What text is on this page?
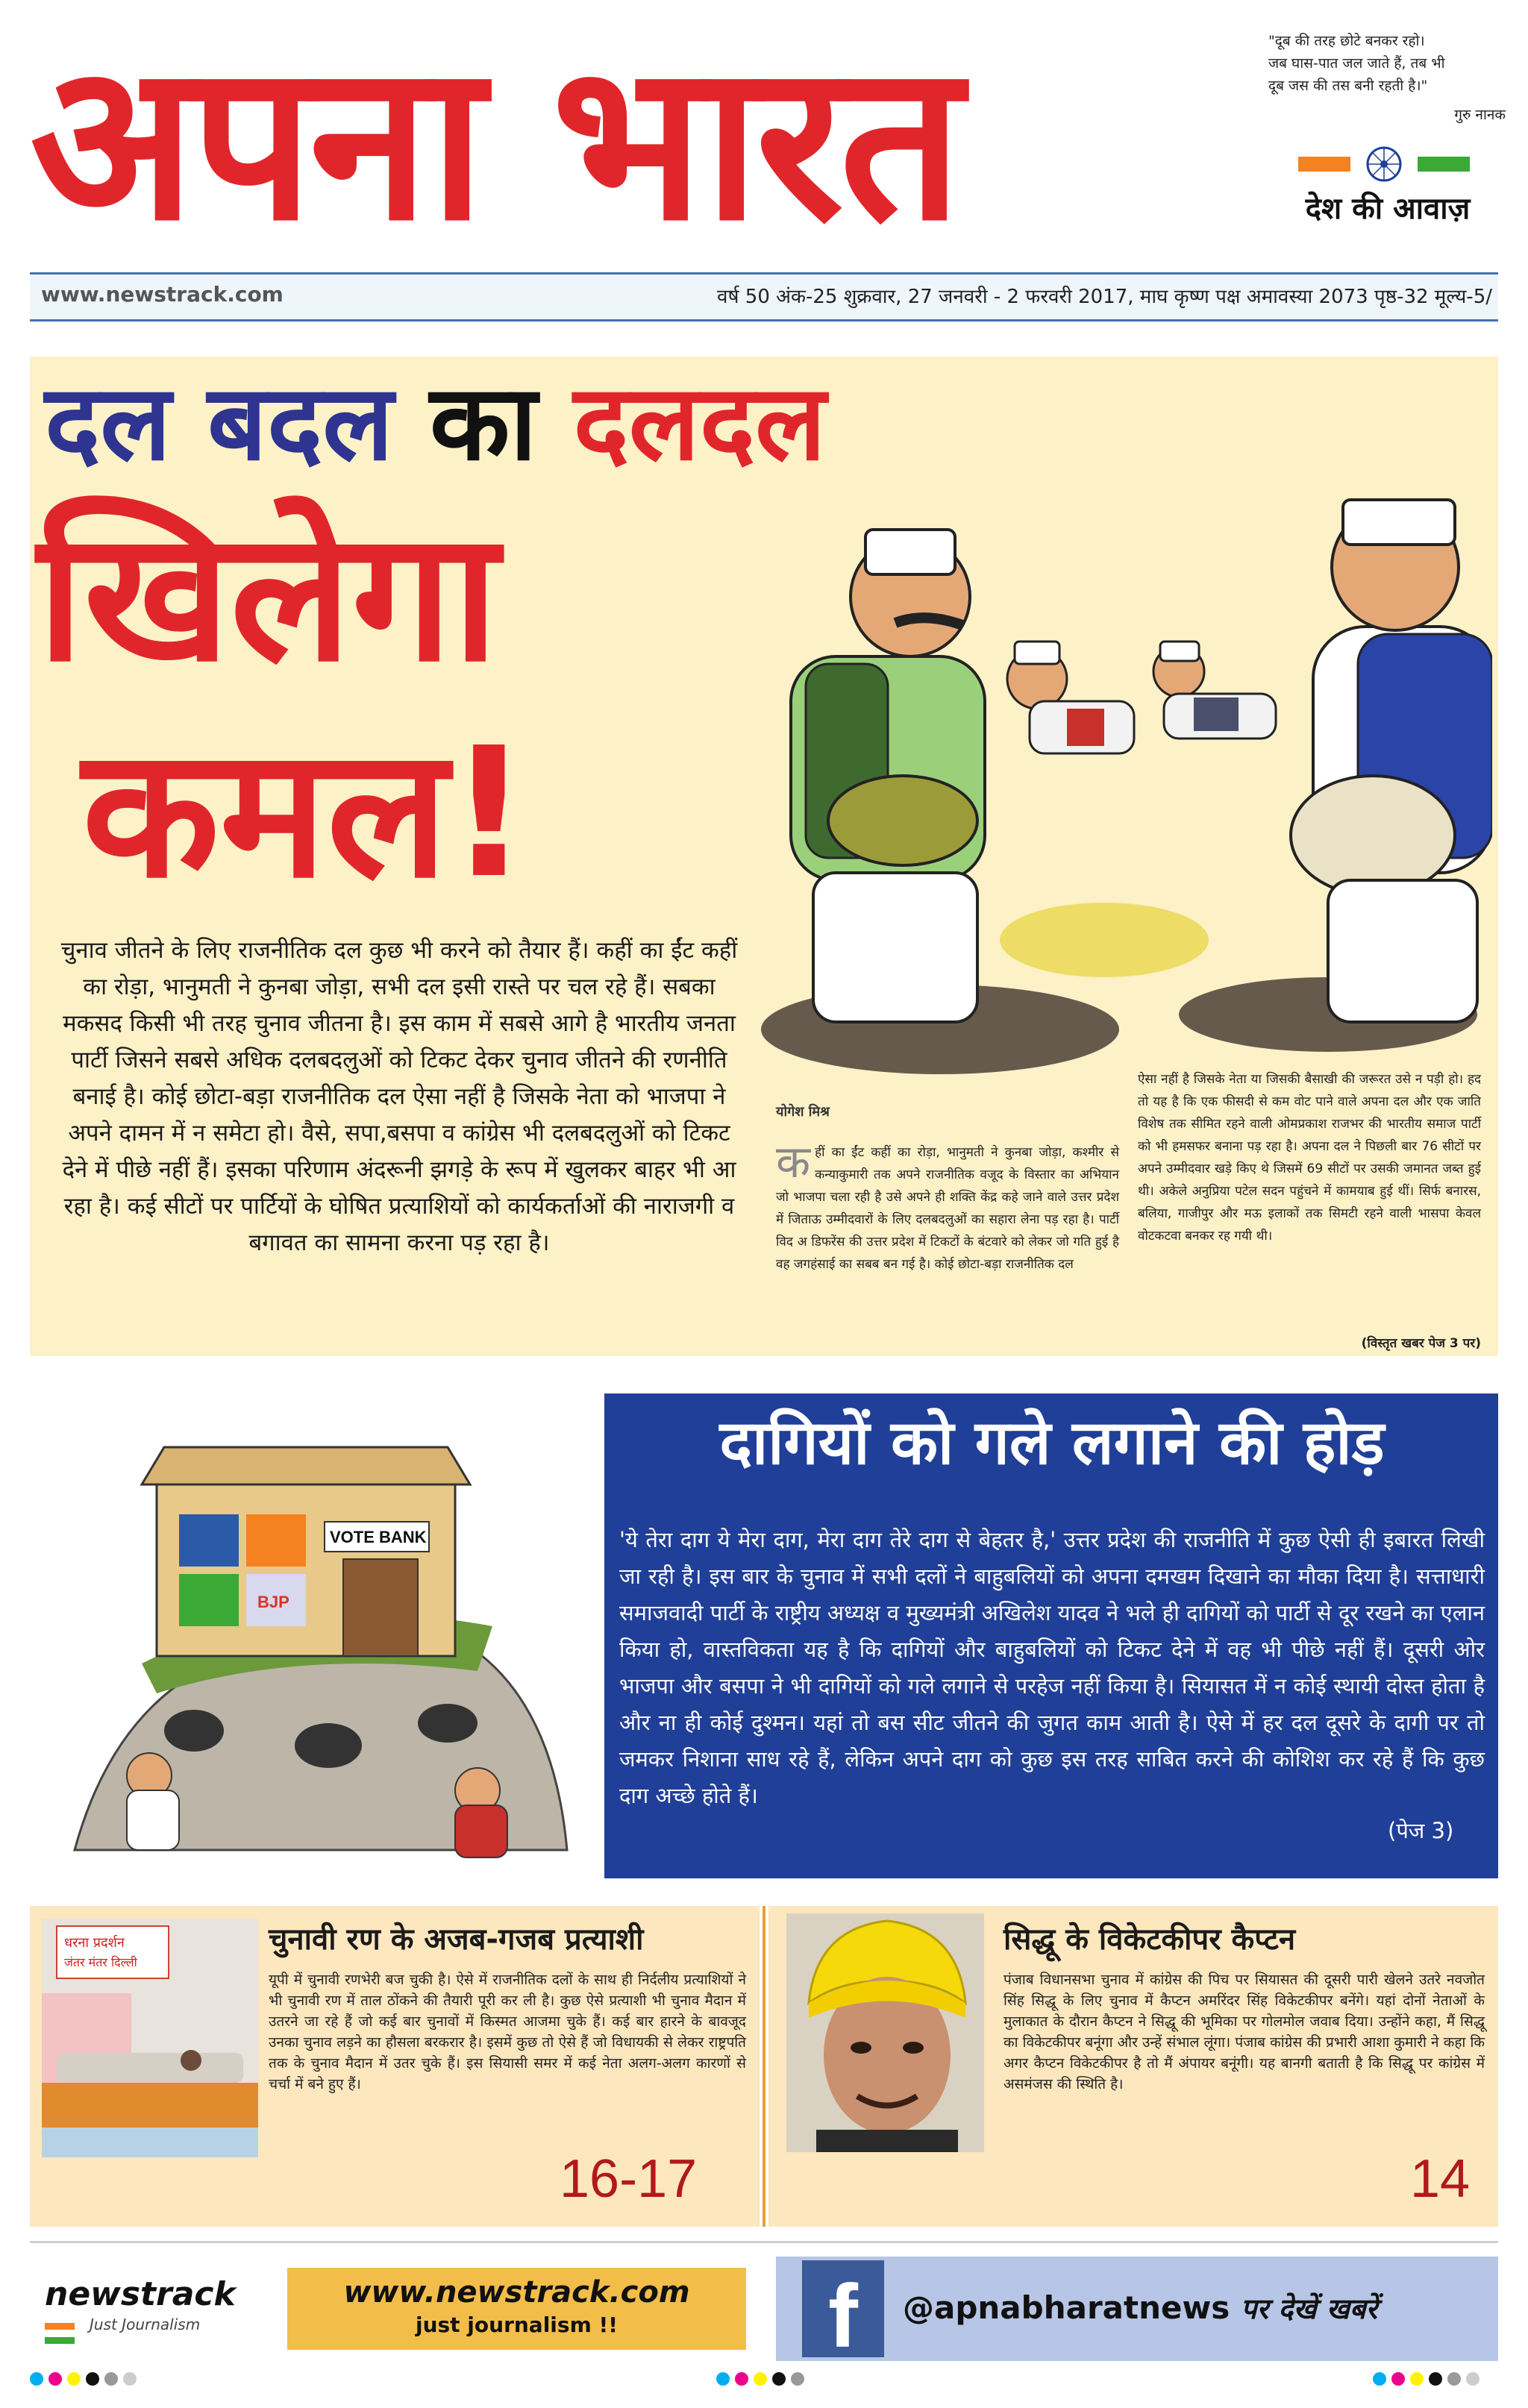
अपना भारत	"दूब की तरह छोटे बनकर रहो।
जब घास-पात जल जाते हैं, तब भी
दूब जस की तस बनी रहती है।"
गुरु नानक
देश की आवाज़
www.newstrack.com	वर्ष 50 अंक-25 शुक्रवार, 27 जनवरी - 2 फरवरी 2017, माघ कृष्ण पक्ष अमावस्या 2073 पृष्ठ-32 मूल्य-5/
दल बदल का दलदल
खिलेगा
कमल!
चुनाव जीतने के लिए राजनीतिक दल कुछ भी करने को तैयार हैं। कहीं का ईंट कहीं का रोड़ा, भानुमती ने कुनबा जोड़ा, सभी दल इसी रास्ते पर चल रहे हैं। सबका मकसद किसी भी तरह चुनाव जीतना है। इस काम में सबसे आगे है भारतीय जनता पार्टी जिसने सबसे अधिक दलबदलुओं को टिकट देकर चुनाव जीतने की रणनीति बनाई है। कोई छोटा-बड़ा राजनीतिक दल ऐसा नहीं है जिसके नेता को भाजपा ने अपने दामन में न समेटा हो। वैसे, सपा,बसपा व कांग्रेस भी दलबदलुओं को टिकट देने में पीछे नहीं हैं। इसका परिणाम अंदरूनी झगड़े के रूप में खुलकर बाहर भी आ रहा है। कई सीटों पर पार्टियों के घोषित प्रत्याशियों को कार्यकर्ताओं की नाराजगी व बगावत का सामना करना पड़ रहा है।
योगेश मिश्र
कहीं का ईंट कहीं का रोड़ा, भानुमती ने कुनबा जोड़ा, कश्मीर से कन्याकुमारी तक अपने राजनीतिक वजूद के विस्तार का अभियान जो भाजपा चला रही है उसे अपने ही शक्ति केंद्र कहे जाने वाले उत्तर प्रदेश में जिताऊ उम्मीदवारों के लिए दलबदलुओं का सहारा लेना पड़ रहा है। पार्टी विद अ डिफरेंस की उत्तर प्रदेश में टिकटों के बंटवारे को लेकर जो गति हुई है वह जगहंसाई का सबब बन गई है। कोई छोटा-बड़ा राजनीतिक दल
ऐसा नहीं है जिसके नेता या जिसकी बैसाखी की जरूरत उसे न पड़ी हो। हद तो यह है कि एक फीसदी से कम वोट पाने वाले अपना दल और एक जाति विशेष तक सीमित रहने वाली ओमप्रकाश राजभर की भारतीय समाज पार्टी को भी हमसफर बनाना पड़ रहा है। अपना दल ने पिछली बार 76 सीटों पर अपने उम्मीदवार खड़े किए थे जिसमें 69 सीटों पर उसकी जमानत जब्त हुई थी। अकेले अनुप्रिया पटेल सदन पहुंचने में कामयाब हुई थीं। सिर्फ बनारस, बलिया, गाजीपुर और मऊ इलाकों तक सिमटी रहने वाली भासपा केवल वोटकटवा बनकर रह गयी थी।
(विस्तृत खबर पेज 3 पर)
BJP
VOTE BANK
दागियों को गले लगाने की होड़
'ये तेरा दाग ये मेरा दाग, मेरा दाग तेरे दाग से बेहतर है,' उत्तर प्रदेश की राजनीति में कुछ ऐसी ही इबारत लिखी जा रही है। इस बार के चुनाव में सभी दलों ने बाहुबलियों को अपना दमखम दिखाने का मौका दिया है। सत्ताधारी समाजवादी पार्टी के राष्ट्रीय अध्यक्ष व मुख्यमंत्री अखिलेश यादव ने भले ही दागियों को पार्टी से दूर रखने का एलान किया हो, वास्तविकता यह है कि दागियों और बाहुबलियों को टिकट देने में वह भी पीछे नहीं हैं। दूसरी ओर भाजपा और बसपा ने भी दागियों को गले लगाने से परहेज नहीं किया है। सियासत में न कोई स्थायी दोस्त होता है और ना ही कोई दुश्मन। यहां तो बस सीट जीतने की जुगत काम आती है। ऐसे में हर दल दूसरे के दागी पर तो जमकर निशाना साध रहे हैं, लेकिन अपने दाग को कुछ इस तरह साबित करने की कोशिश कर रहे हैं कि कुछ दाग अच्छे होते हैं।
(पेज 3)
धरना प्रदर्शन
जंतर मंतर दिल्ली
चुनावी रण के अजब-गजब प्रत्याशी
यूपी में चुनावी रणभेरी बज चुकी है। ऐसे में राजनीतिक दलों के साथ ही निर्दलीय प्रत्याशियों ने भी चुनावी रण में ताल ठोंकने की तैयारी पूरी कर ली है। कुछ ऐसे प्रत्याशी भी चुनाव मैदान में उतरने जा रहे हैं जो कई बार चुनावों में किस्मत आजमा चुके हैं। कई बार हारने के बावजूद उनका चुनाव लड़ने का हौसला बरकरार है। इसमें कुछ तो ऐसे हैं जो विधायकी से लेकर राष्ट्रपति तक के चुनाव मैदान में उतर चुके हैं। इस सियासी समर में कई नेता अलग-अलग कारणों से चर्चा में बने हुए हैं।
16-17
सिद्धू के विकेटकीपर कैप्टन
पंजाब विधानसभा चुनाव में कांग्रेस की पिच पर सियासत की दूसरी पारी खेलने उतरे नवजोत सिंह सिद्धू के लिए चुनाव में कैप्टन अमरिंदर सिंह विकेटकीपर बनेंगे। यहां दोनों नेताओं के मुलाकात के दौरान कैप्टन ने सिद्धू की भूमिका पर गोलमोल जवाब दिया। उन्होंने कहा, मैं सिद्धू का विकेटकीपर बनूंगा और उन्हें संभाल लूंगा। पंजाब कांग्रेस की प्रभारी आशा कुमारी ने कहा कि अगर कैप्टन विकेटकीपर है तो मैं अंपायर बनूंगी। यह बानगी बताती है कि सिद्धू पर कांग्रेस में असमंजस की स्थिति है।
14
newstrack
Just Journalism
www.newstrack.com
just journalism !!	f	@apnabharatnews पर देखें खबरें
